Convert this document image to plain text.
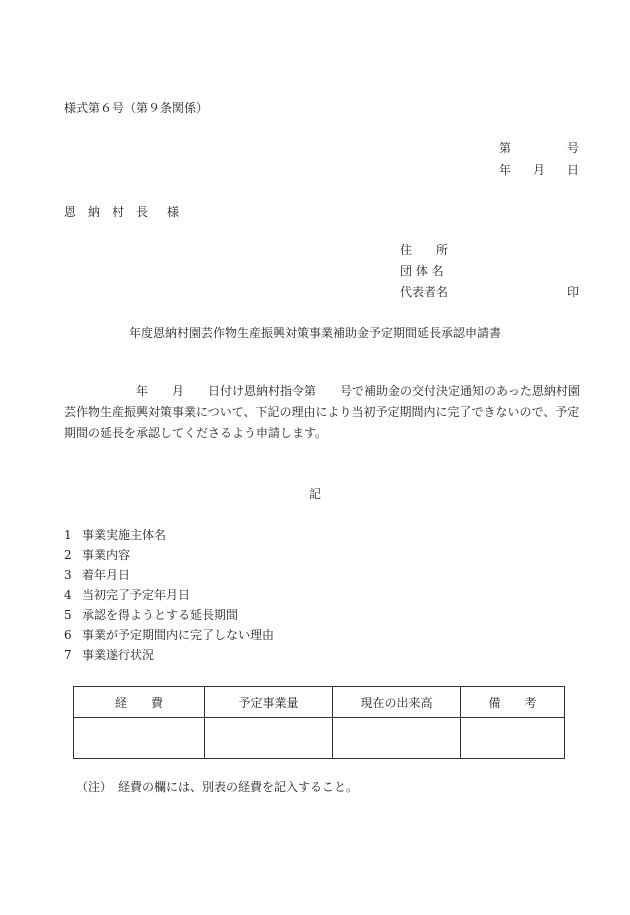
様式第６号（第９条関係）
第	号
年 月 日
恩　納　村　長 様
住　　所
団 体 名
代表者名	印
年度恩納村園芸作物生産振興対策事業補助金予定期間延長承認申請書

　　　　　　年　　月　　日付け恩納村指令第　　号で補助金の交付決定通知のあった恩納村園芸作物生産振興対策事業について、下記の理由により当初予定期間内に完了できないので、予定期間の延長を承認してくださるよう申請します。

記
1 事業実施主体名
2 事業内容
3 着年月日
4 当初完了予定年月日
5 承認を得ようとする延長期間
6 事業が予定期間内に完了しない理由
7 事業遂行状況
経　　費	予定事業量	現在の出来高	備　　考

（注）　経費の欄には、別表の経費を記入すること。
